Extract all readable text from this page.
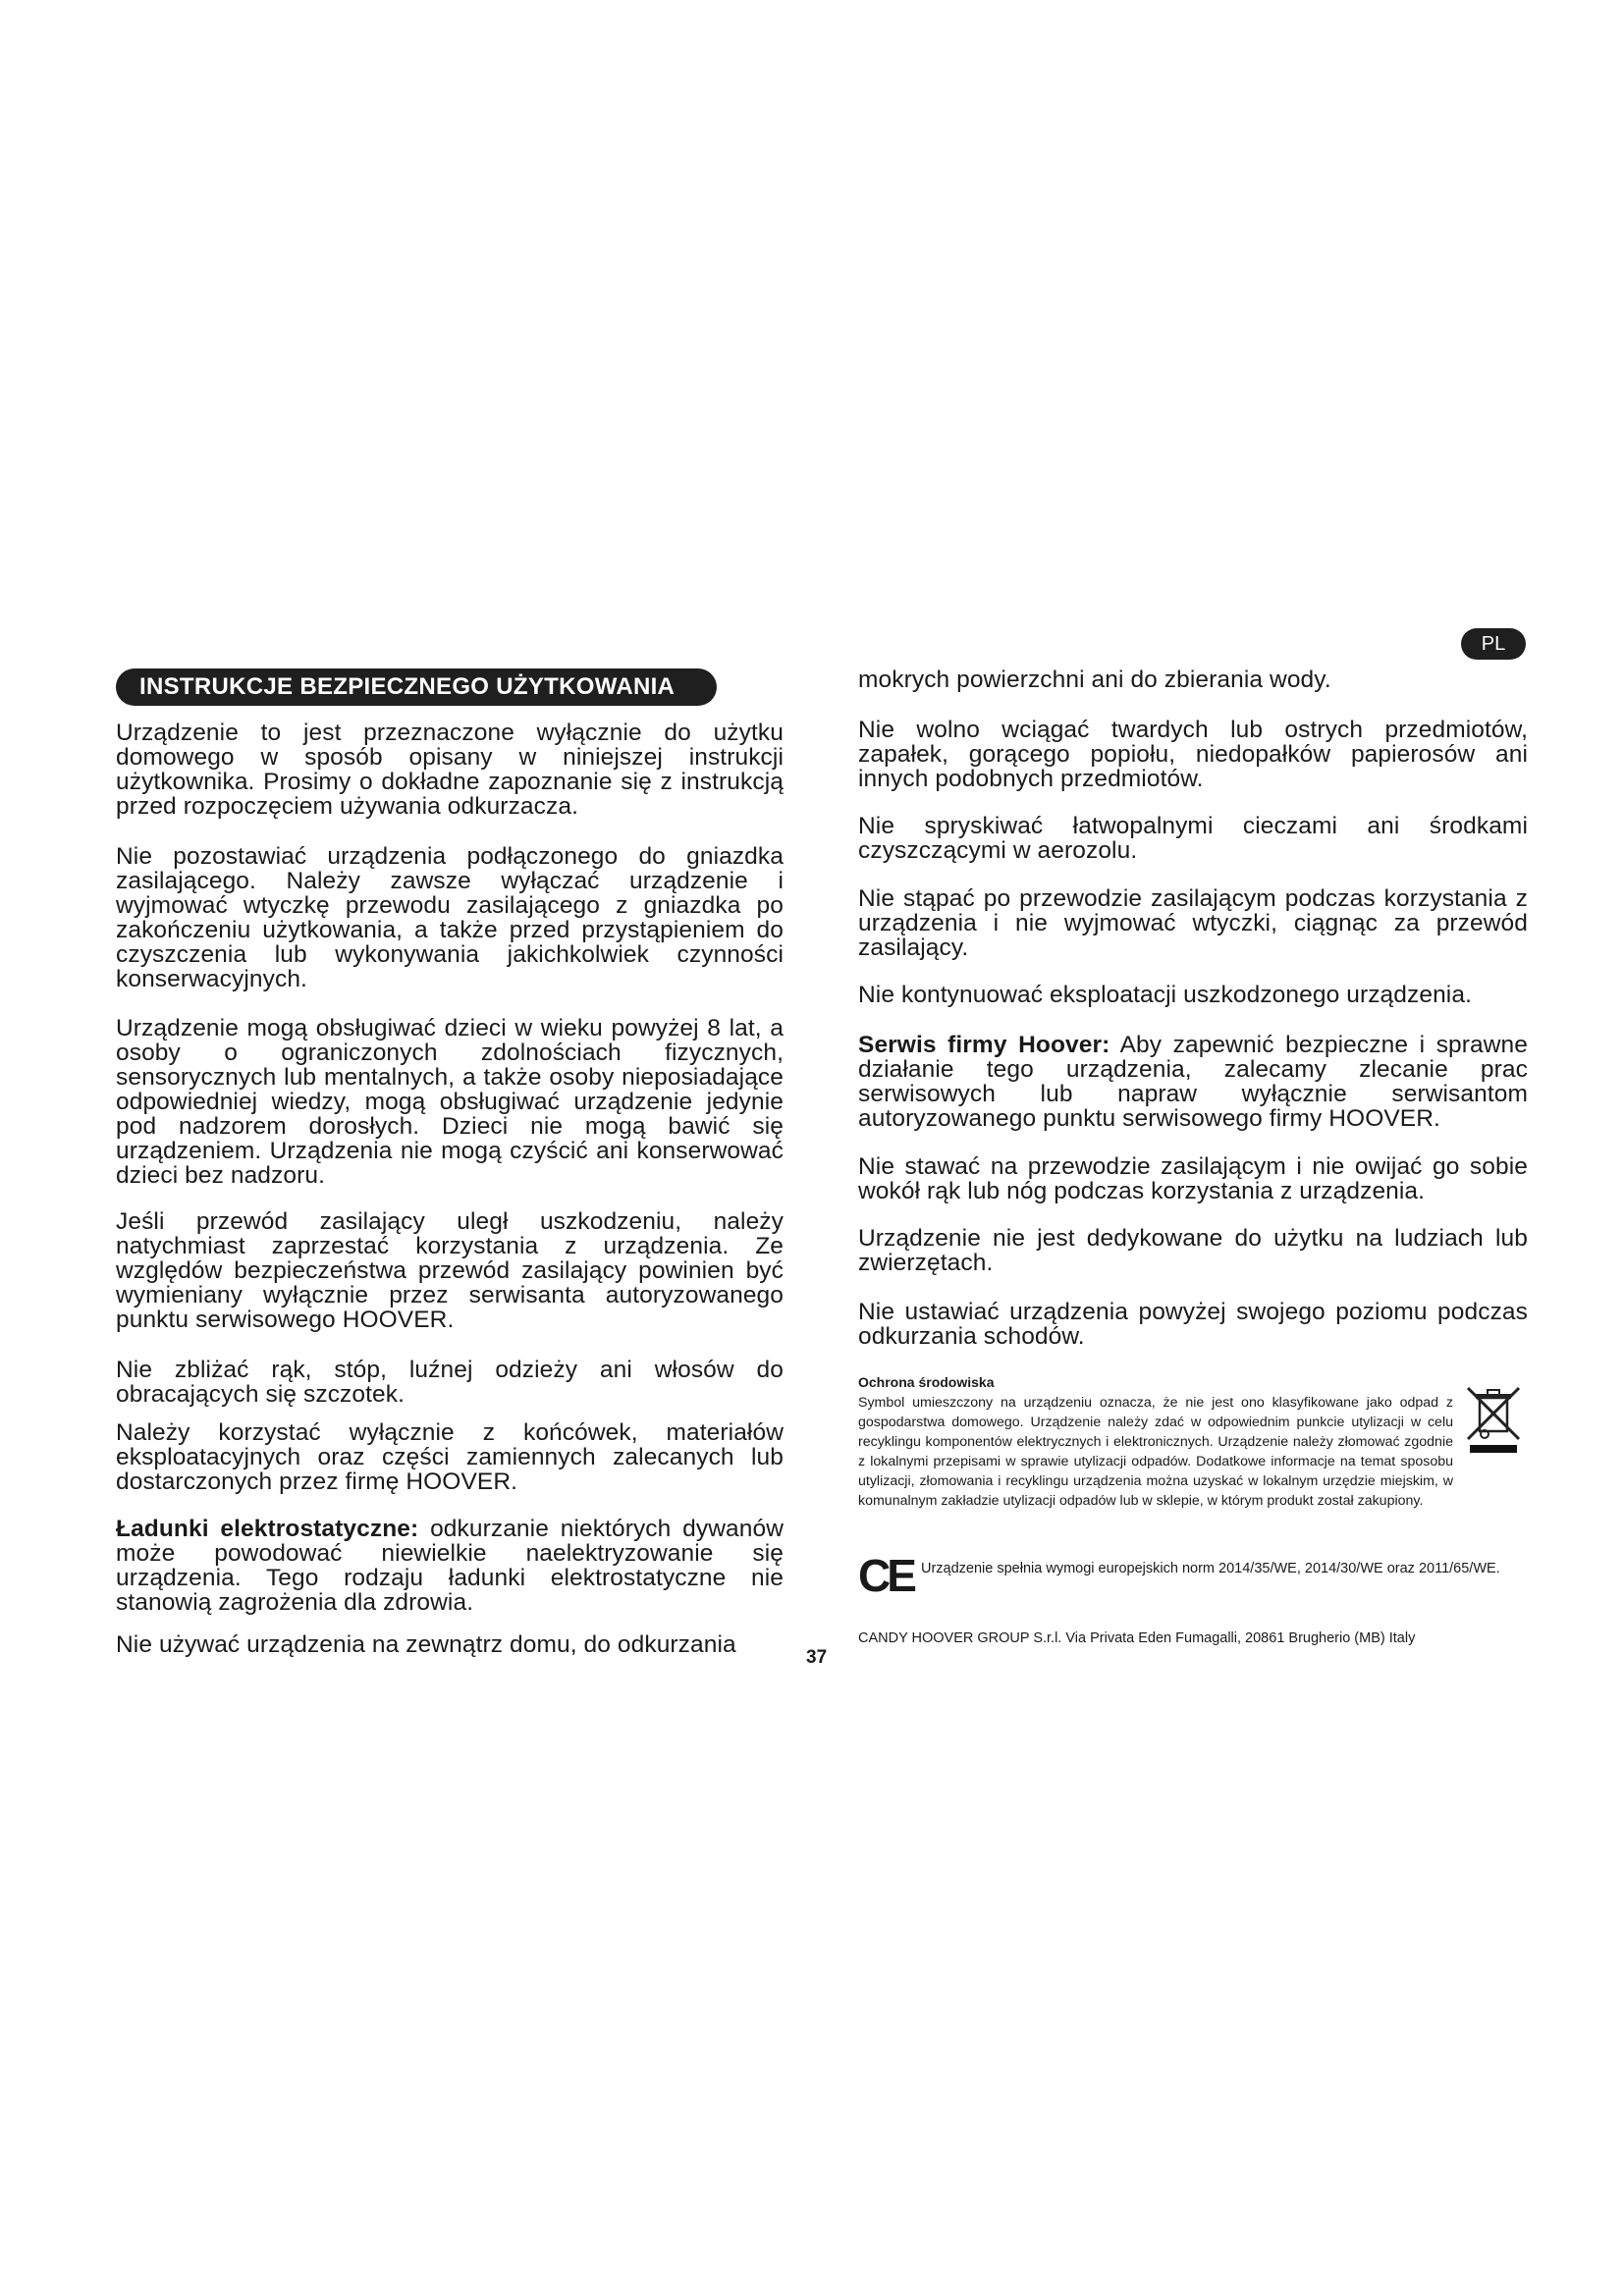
PL
INSTRUKCJE BEZPIECZNEGO UŻYTKOWANIA
Urządzenie to jest przeznaczone wyłącznie do użytku domowego w sposób opisany w niniejszej instrukcji użytkownika. Prosimy o dokładne zapoznanie się z instrukcją przed rozpoczęciem używania odkurzacza.
Nie pozostawiać urządzenia podłączonego do gniazdka zasilającego. Należy zawsze wyłączać urządzenie i wyjmować wtyczkę przewodu zasilającego z gniazdka po zakończeniu użytkowania, a także przed przystąpieniem do czyszczenia lub wykonywania jakichkolwiek czynności konserwacyjnych.
Urządzenie mogą obsługiwać dzieci w wieku powyżej 8 lat, a osoby o ograniczonych zdolnościach fizycznych, sensorycznych lub mentalnych, a także osoby nieposiadające odpowiedniej wiedzy, mogą obsługiwać urządzenie jedynie pod nadzorem dorosłych. Dzieci nie mogą bawić się urządzeniem. Urządzenia nie mogą czyścić ani konserwować dzieci bez nadzoru.
Jeśli przewód zasilający uległ uszkodzeniu, należy natychmiast zaprzestać korzystania z urządzenia. Ze względów bezpieczeństwa przewód zasilający powinien być wymieniany wyłącznie przez serwisanta autoryzowanego punktu serwisowego HOOVER.
Nie zbliżać rąk, stóp, luźnej odzieży ani włosów do obracających się szczotek.
Należy korzystać wyłącznie z końcówek, materiałów eksploatacyjnych oraz części zamiennych zalecanych lub dostarczonych przez firmę HOOVER.
Ładunki elektrostatyczne: odkurzanie niektórych dywanów może powodować niewielkie naelektryzowanie się urządzenia. Tego rodzaju ładunki elektrostatyczne nie stanowią zagrożenia dla zdrowia.
Nie używać urządzenia na zewnątrz domu, do odkurzania	37
mokrych powierzchni ani do zbierania wody.
Nie wolno wciągać twardych lub ostrych przedmiotów, zapałek, gorącego popiołu, niedopałków papierosów ani innych podobnych przedmiotów.
Nie spryskiwać łatwopalnymi cieczami ani środkami czyszczącymi w aerozolu.
Nie stąpać po przewodzie zasilającym podczas korzystania z urządzenia i nie wyjmować wtyczki, ciągnąc za przewód zasilający.
Nie kontynuować eksploatacji uszkodzonego urządzenia.
Serwis firmy Hoover: Aby zapewnić bezpieczne i sprawne działanie tego urządzenia, zalecamy zlecanie prac serwisowych lub napraw wyłącznie serwisantom autoryzowanego punktu serwisowego firmy HOOVER.
Nie stawać na przewodzie zasilającym i nie owijać go sobie wokół rąk lub nóg podczas korzystania z urządzenia.
Urządzenie nie jest dedykowane do użytku na ludziach lub zwierzętach.
Nie ustawiać urządzenia powyżej swojego poziomu podczas odkurzania schodów.
Ochrona środowiska
Symbol umieszczony na urządzeniu oznacza, że nie jest ono klasyfikowane jako odpad z gospodarstwa domowego. Urządzenie należy zdać w odpowiednim punkcie utylizacji w celu recyklingu komponentów elektrycznych i elektronicznych. Urządzenie należy złomować zgodnie z lokalnymi przepisami w sprawie utylizacji odpadów. Dodatkowe informacje na temat sposobu utylizacji, złomowania i recyklingu urządzenia można uzyskać w lokalnym urzędzie miejskim, w komunalnym zakładzie utylizacji odpadów lub w sklepie, w którym produkt został zakupiony.
CE Urządzenie spełnia wymogi europejskich norm 2014/35/WE, 2014/30/WE oraz 2011/65/WE.
CANDY HOOVER GROUP S.r.l. Via Privata Eden Fumagalli, 20861 Brugherio (MB) Italy
